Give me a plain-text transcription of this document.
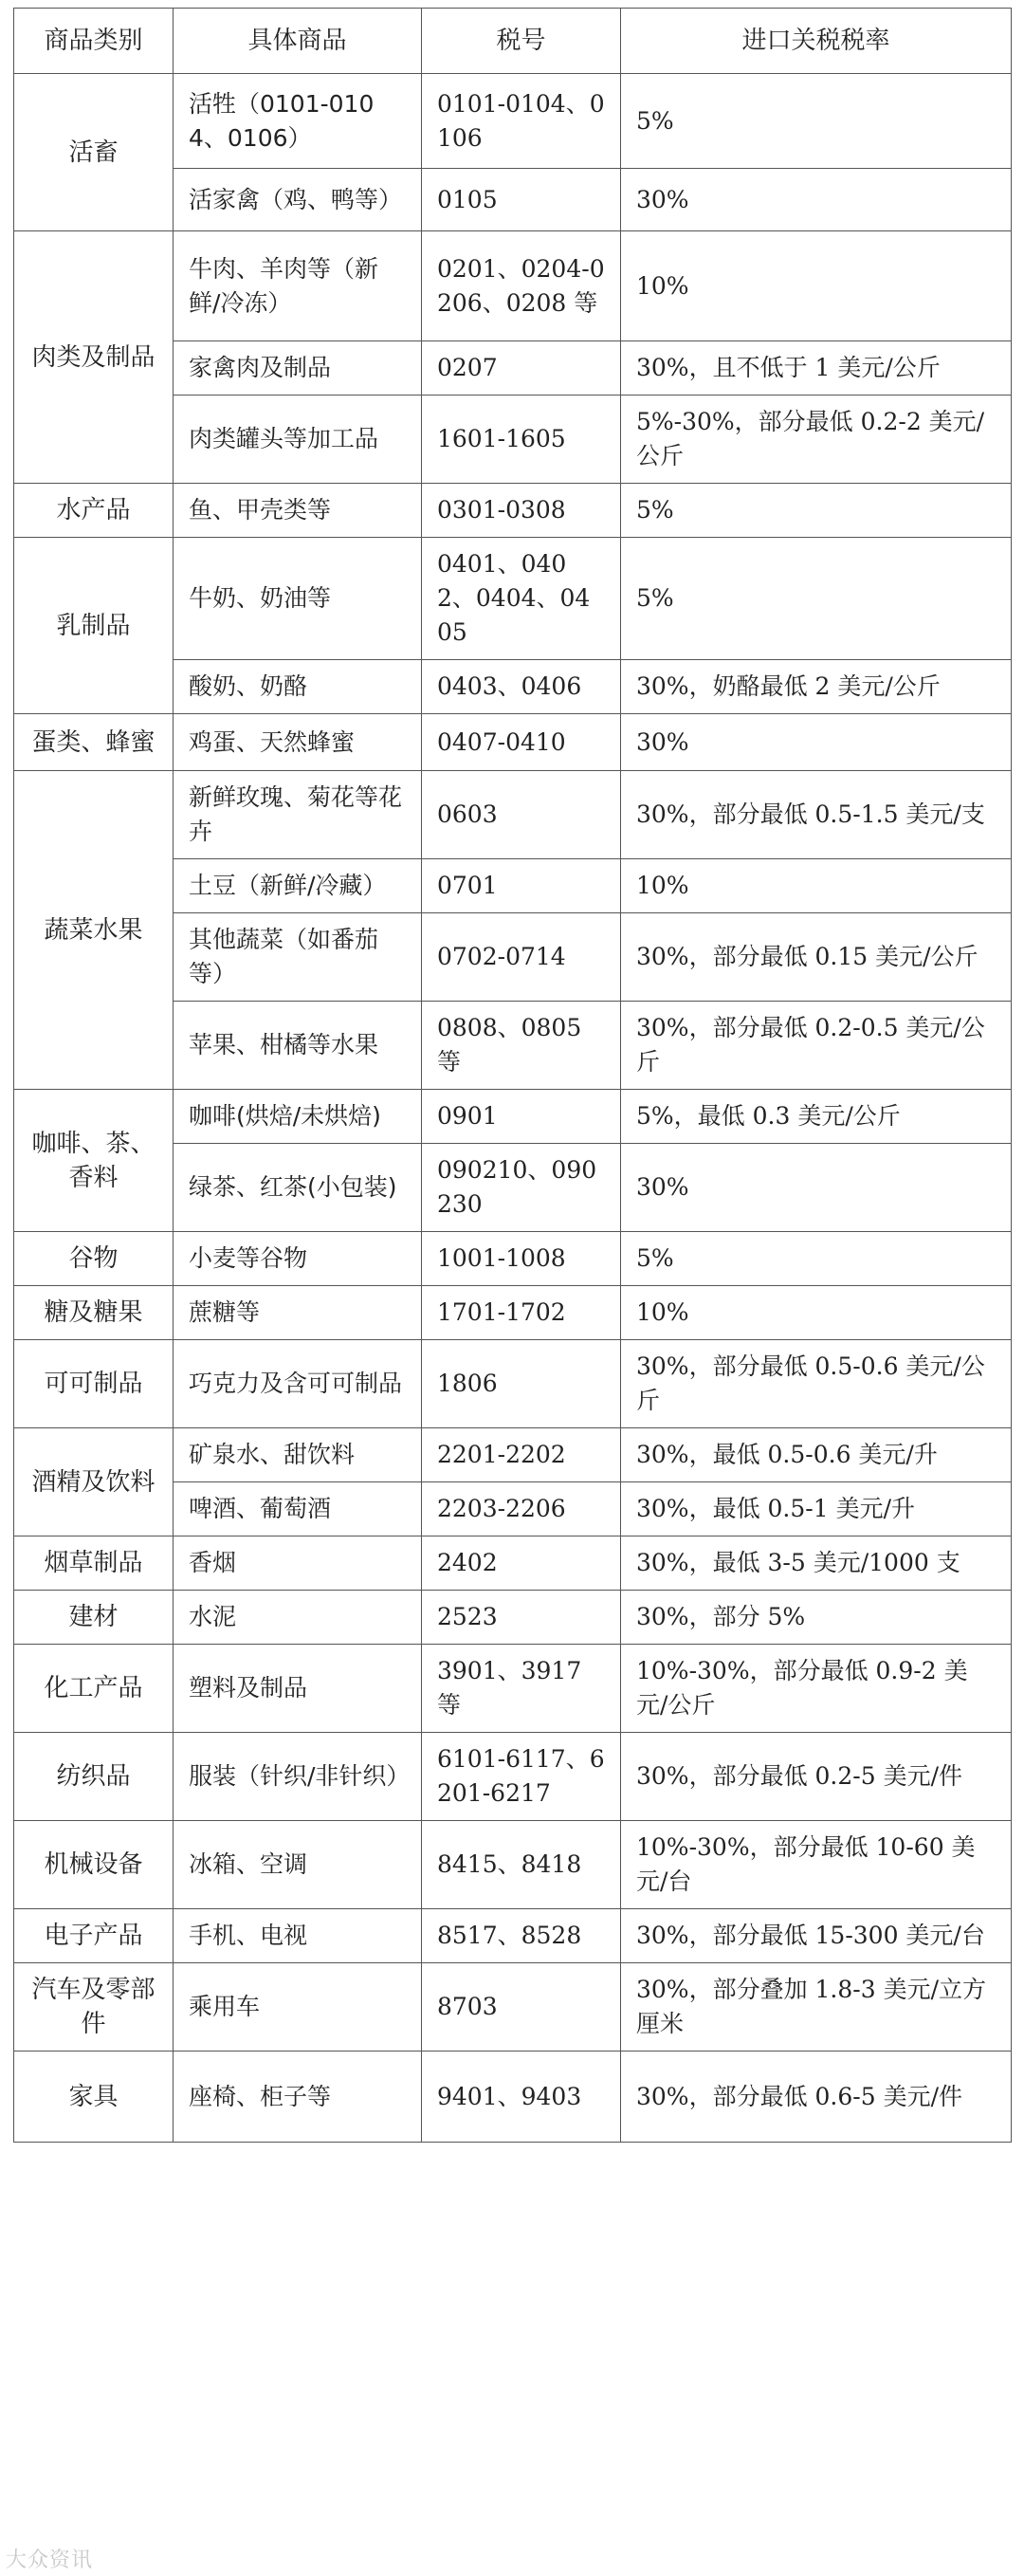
商品类别	具体商品	税号	进口关税税率
活畜	活牲（0101-0104、0106）	0101-0104、0106	5%
	活家禽（鸡、鸭等）	0105	30%
肉类及制品	牛肉、羊肉等（新鲜/冷冻）	0201、0204-0206、0208 等	10%
	家禽肉及制品	0207	30%，且不低于 1 美元/公斤
	肉类罐头等加工品	1601-1605	5%-30%，部分最低 0.2-2 美元/公斤
水产品	鱼、甲壳类等	0301-0308	5%
乳制品	牛奶、奶油等	0401、0402、0404、0405	5%
	酸奶、奶酪	0403、0406	30%，奶酪最低 2 美元/公斤
蛋类、蜂蜜	鸡蛋、天然蜂蜜	0407-0410	30%
蔬菜水果	新鲜玫瑰、菊花等花卉	0603	30%，部分最低 0.5-1.5 美元/支
	土豆（新鲜/冷藏）	0701	10%
	其他蔬菜（如番茄等）	0702-0714	30%，部分最低 0.15 美元/公斤
	苹果、柑橘等水果	0808、0805 等	30%，部分最低 0.2-0.5 美元/公斤
咖啡、茶、香料	咖啡(烘焙/未烘焙)	0901	5%，最低 0.3 美元/公斤
	绿茶、红茶(小包装)	090210、090230	30%
谷物	小麦等谷物	1001-1008	5%
糖及糖果	蔗糖等	1701-1702	10%
可可制品	巧克力及含可可制品	1806	30%，部分最低 0.5-0.6 美元/公斤
酒精及饮料	矿泉水、甜饮料	2201-2202	30%，最低 0.5-0.6 美元/升
	啤酒、葡萄酒	2203-2206	30%，最低 0.5-1 美元/升
烟草制品	香烟	2402	30%，最低 3-5 美元/1000 支
建材	水泥	2523	30%，部分 5%
化工产品	塑料及制品	3901、3917 等	10%-30%，部分最低 0.9-2 美元/公斤
纺织品	服装（针织/非针织）	6101-6117、6201-6217	30%，部分最低 0.2-5 美元/件
机械设备	冰箱、空调	8415、8418	10%-30%，部分最低 10-60 美元/台
电子产品	手机、电视	8517、8528	30%，部分最低 15-300 美元/台
汽车及零部件	乘用车	8703	30%，部分叠加 1.8-3 美元/立方厘米
家具	座椅、柜子等	9401、9403	30%，部分最低 0.6-5 美元/件
大众资讯
